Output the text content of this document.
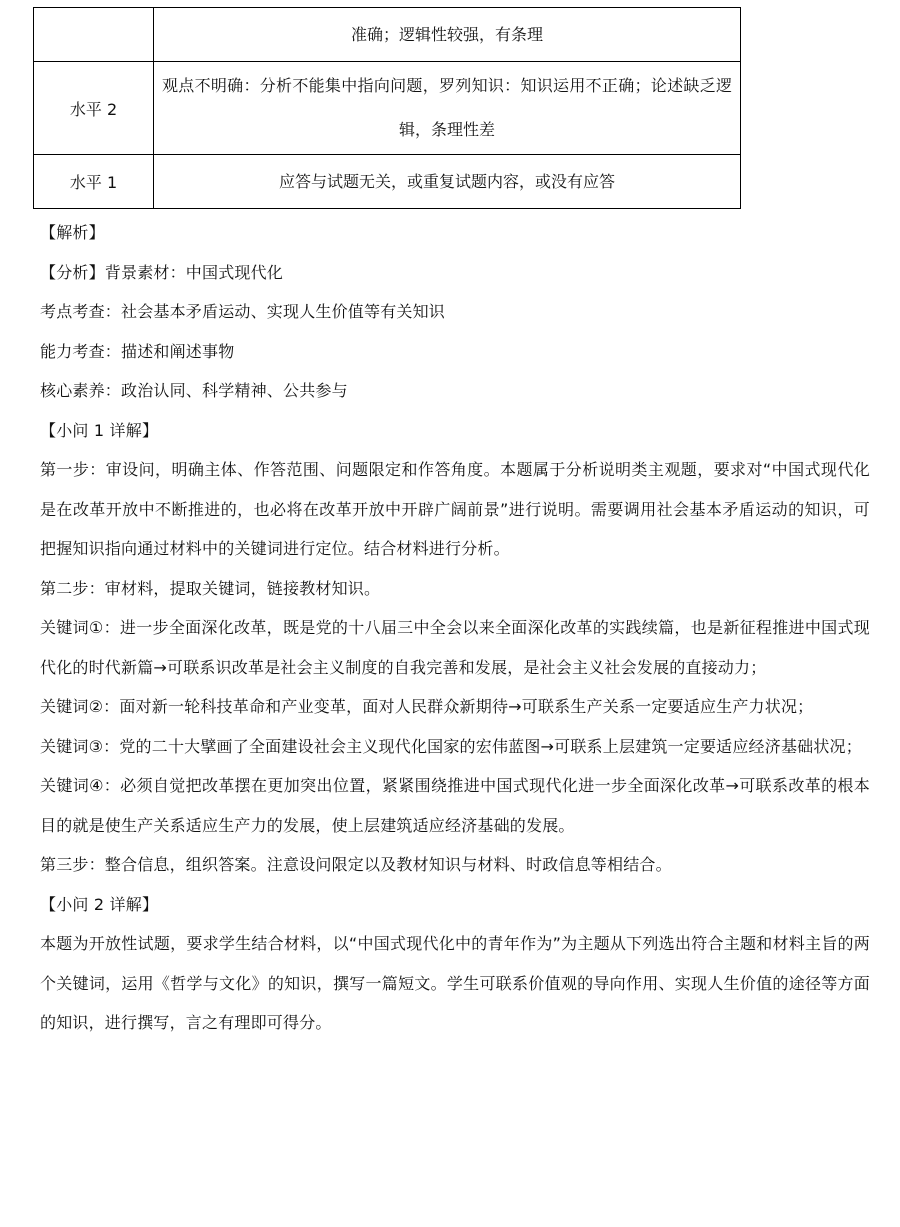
	准确；逻辑性较强，有条理
水平 2	观点不明确：分析不能集中指向问题，罗列知识：知识运用不正确；论述缺乏逻辑，条理性差
水平 1	应答与试题无关，或重复试题内容，或没有应答

【解析】

【分析】背景素材：中国式现代化

考点考查：社会基本矛盾运动、实现人生价值等有关知识

能力考查：描述和阐述事物

核心素养：政治认同、科学精神、公共参与

【小问 1 详解】

第一步：审设问，明确主体、作答范围、问题限定和作答角度。本题属于分析说明类主观题，要求对“中国式现代化是在改革开放中不断推进的，也必将在改革开放中开辟广阔前景”进行说明。需要调用社会基本矛盾运动的知识，可把握知识指向通过材料中的关键词进行定位。结合材料进行分析。

第二步：审材料，提取关键词，链接教材知识。

关键词①：进一步全面深化改革，既是党的十八届三中全会以来全面深化改革的实践续篇，也是新征程推进中国式现代化的时代新篇→可联系识改革是社会主义制度的自我完善和发展，是社会主义社会发展的直接动力；

关键词②：面对新一轮科技革命和产业变革，面对人民群众新期待→可联系生产关系一定要适应生产力状况；

关键词③：党的二十大擘画了全面建设社会主义现代化国家的宏伟蓝图→可联系上层建筑一定要适应经济基础状况；

关键词④：必须自觉把改革摆在更加突出位置，紧紧围绕推进中国式现代化进一步全面深化改革→可联系改革的根本目的就是使生产关系适应生产力的发展，使上层建筑适应经济基础的发展。

第三步：整合信息，组织答案。注意设问限定以及教材知识与材料、时政信息等相结合。

【小问 2 详解】

本题为开放性试题，要求学生结合材料，以“中国式现代化中的青年作为”为主题从下列选出符合主题和材料主旨的两个关键词，运用《哲学与文化》的知识，撰写一篇短文。学生可联系价值观的导向作用、实现人生价值的途径等方面的知识，进行撰写，言之有理即可得分。
